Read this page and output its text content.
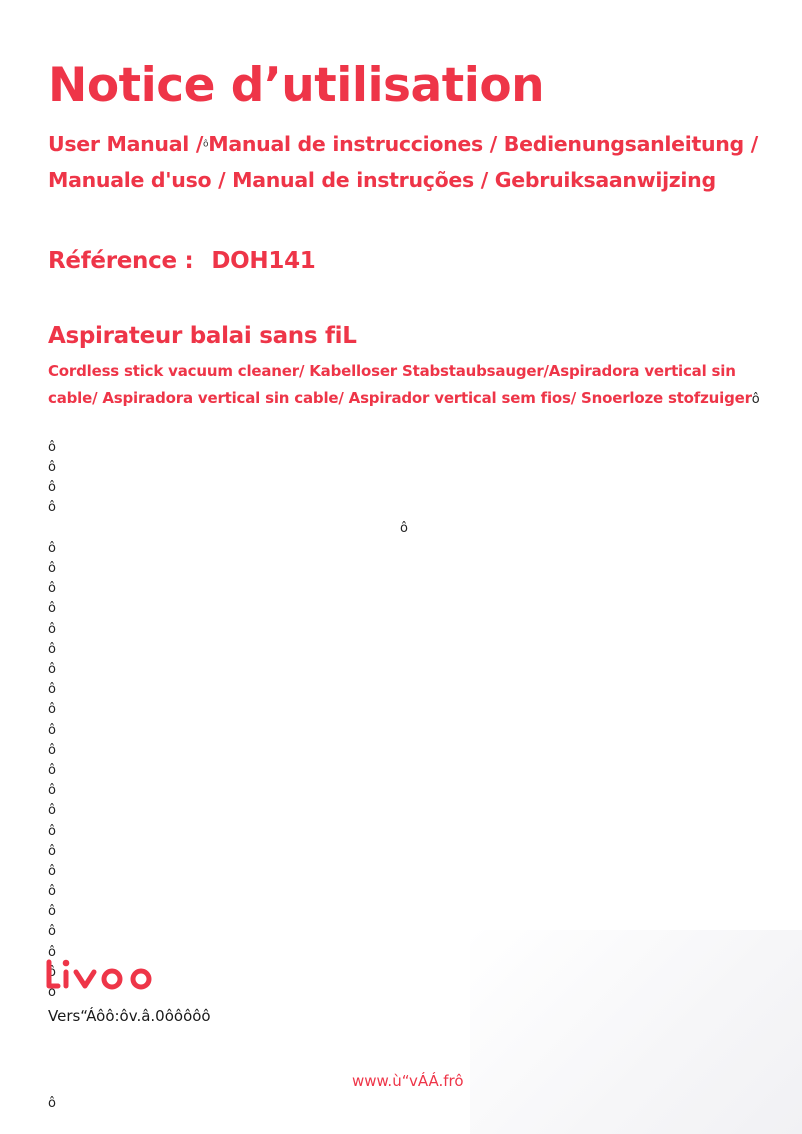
Notice d’utilisation

User Manual /ôManual de instrucciones / Bedienungsanleitung / Manuale d'uso / Manual de instruções / Gebruiksaanwijzing

Référence : DOH141

Aspirateur balai sans fiL

Cordless stick vacuum cleaner/ Kabelloser Stabstaubsauger/Aspiradora vertical sin cable/ Aspiradora vertical sin cable/ Aspirador vertical sem fios/ Snoerloze stofzuigerô

ô
ô
ô
ô
ô
ô
ô
ô
ô
ô
ô
ô
ô
ô
ô
ô
ô
ô
ô
ô
ô
ô
ô
ô
ô
ô
ô
ô
Vers“Áôô:ôv.â.0ôôôôô
www.ù“vÁÁ.frô
ô
